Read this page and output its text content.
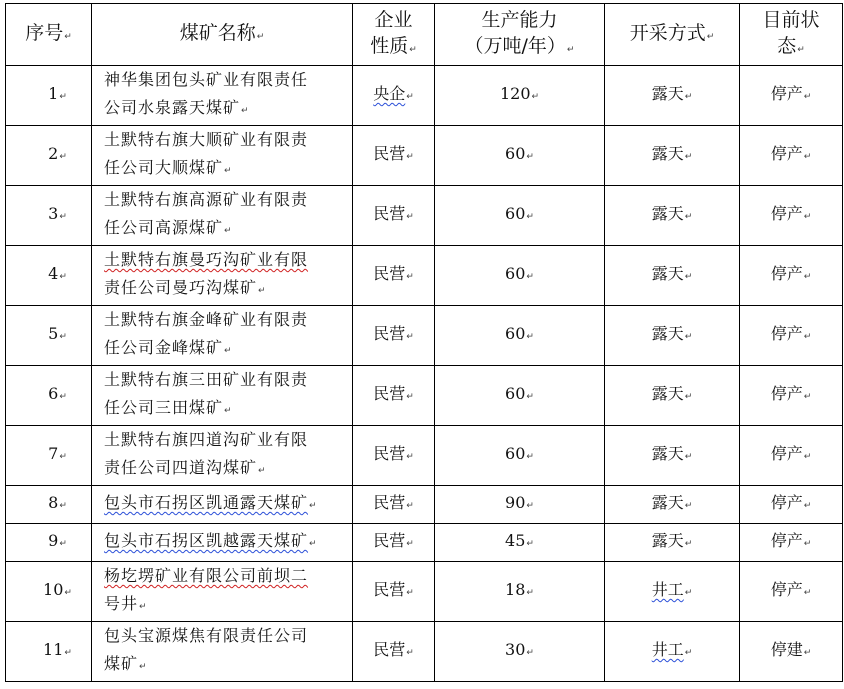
序号↵	煤矿名称↵	企业
性质↵	生产能力
（万吨/年）↵	开采方式↵	目前状
态↵
1↵	神华集团包头矿业有限责任
公司水泉露天煤矿↵	央企↵	120↵	露天↵	停产↵
2↵	土默特右旗大顺矿业有限责
任公司大顺煤矿↵	民营↵	60↵	露天↵	停产↵
3↵	土默特右旗高源矿业有限责
任公司高源煤矿↵	民营↵	60↵	露天↵	停产↵
4↵	土默特右旗曼巧沟矿业有限
责任公司曼巧沟煤矿↵	民营↵	60↵	露天↵	停产↵
5↵	土默特右旗金峰矿业有限责
任公司金峰煤矿↵	民营↵	60↵	露天↵	停产↵
6↵	土默特右旗三田矿业有限责
任公司三田煤矿↵	民营↵	60↵	露天↵	停产↵
7↵	土默特右旗四道沟矿业有限
责任公司四道沟煤矿↵	民营↵	60↵	露天↵	停产↵
8↵	包头市石拐区凯通露天煤矿↵	民营↵	90↵	露天↵	停产↵
9↵	包头市石拐区凯越露天煤矿↵	民营↵	45↵	露天↵	停产↵
10↵	杨圪塄矿业有限公司前坝二
号井↵	民营↵	18↵	井工↵	停产↵
11↵	包头宝源煤焦有限责任公司
煤矿↵	民营↵	30↵	井工↵	停建↵
